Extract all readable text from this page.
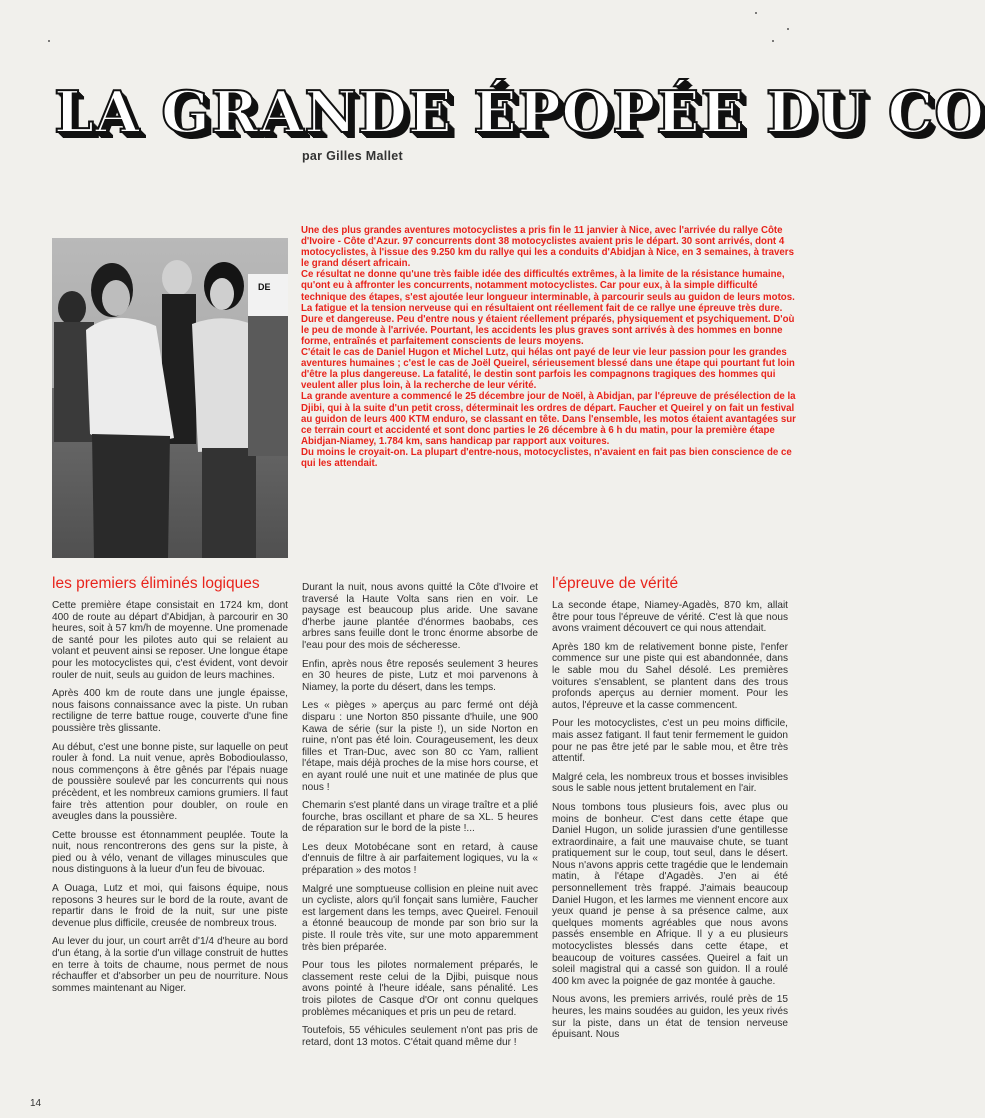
LA GRANDE ÉPOPÉE DU CO
par Gilles Mallet
DE

Une des plus grandes aventures motocyclistes a pris fin le 11 janvier à Nice, avec l'arrivée du rallye Côte d'Ivoire - Côte d'Azur. 97 concurrents dont 38 motocyclistes avaient pris le départ. 30 sont arrivés, dont 4 motocyclistes, à l'issue des 9.250 km du rallye qui les a conduits d'Abidjan à Nice, en 3 semaines, à travers le grand désert africain.

Ce résultat ne donne qu'une très faible idée des difficultés extrêmes, à la limite de la résistance humaine, qu'ont eu à affronter les concurrents, notamment motocyclistes. Car pour eux, à la simple difficulté technique des étapes, s'est ajoutée leur longueur interminable, à parcourir seuls au guidon de leurs motos.

La fatigue et la tension nerveuse qui en résultaient ont réellement fait de ce rallye une épreuve très dure. Dure et dangereuse. Peu d'entre nous y étaient réellement préparés, physiquement et psychiquement. D'où le peu de monde à l'arrivée. Pourtant, les accidents les plus graves sont arrivés à des hommes en bonne forme, entraînés et parfaitement conscients de leurs moyens.

C'était le cas de Daniel Hugon et Michel Lutz, qui hélas ont payé de leur vie leur passion pour les grandes aventures humaines ; c'est le cas de Joël Queirel, sérieusement blessé dans une étape qui pourtant fut loin d'être la plus dangereuse. La fatalité, le destin sont parfois les compagnons tragiques des hommes qui veulent aller plus loin, à la recherche de leur vérité.

La grande aventure a commencé le 25 décembre jour de Noël, à Abidjan, par l'épreuve de présélection de la Djibi, qui à la suite d'un petit cross, déterminait les ordres de départ. Faucher et Queirel y on fait un festival au guidon de leurs 400 KTM enduro, se classant en tête. Dans l'ensemble, les motos étaient avantagées sur ce terrain court et accidenté et sont donc parties le 26 décembre à 6 h du matin, pour la première étape Abidjan-Niamey, 1.784 km, sans handicap par rapport aux voitures.

Du moins le croyait-on. La plupart d'entre-nous, motocyclistes, n'avaient en fait pas bien conscience de ce qui les attendait.

les premiers éliminés logiques

Cette première étape consistait en 1724 km, dont 400 de route au départ d'Abidjan, à parcourir en 30 heures, soit à 57 km/h de moyenne. Une promenade de santé pour les pilotes auto qui se relaient au volant et peuvent ainsi se reposer. Une longue étape pour les motocyclistes qui, c'est évident, vont devoir rouler de nuit, seuls au guidon de leurs machines.

Après 400 km de route dans une jungle épaisse, nous faisons connaissance avec la piste. Un ruban rectiligne de terre battue rouge, couverte d'une fine poussière très glissante.

Au début, c'est une bonne piste, sur laquelle on peut rouler à fond. La nuit venue, après Bobodioulasso, nous commençons à être gênés par l'épais nuage de poussière soulevé par les concurrents qui nous précèdent, et les nombreux camions grumiers. Il faut faire très attention pour doubler, on roule en aveugles dans la poussière.

Cette brousse est étonnamment peuplée. Toute la nuit, nous rencontrerons des gens sur la piste, à pied ou à vélo, venant de villages minuscules que nous distinguons à la lueur d'un feu de bivouac.

A Ouaga, Lutz et moi, qui faisons équipe, nous reposons 3 heures sur le bord de la route, avant de repartir dans le froid de la nuit, sur une piste devenue plus difficile, creusée de nombreux trous.

Au lever du jour, un court arrêt d'1/4 d'heure au bord d'un étang, à la sortie d'un village construit de huttes en terre à toits de chaume, nous permet de nous réchauffer et d'absorber un peu de nourriture. Nous sommes maintenant au Niger.

Durant la nuit, nous avons quitté la Côte d'Ivoire et traversé la Haute Volta sans rien en voir. Le paysage est beaucoup plus aride. Une savane d'herbe jaune plantée d'énormes baobabs, ces arbres sans feuille dont le tronc énorme absorbe de l'eau pour des mois de sécheresse.

Enfin, après nous être reposés seulement 3 heures en 30 heures de piste, Lutz et moi parvenons à Niamey, la porte du désert, dans les temps.

Les « pièges » aperçus au parc fermé ont déjà disparu : une Norton 850 pissante d'huile, une 900 Kawa de série (sur la piste !), un side Norton en ruine, n'ont pas été loin. Courageusement, les deux filles et Tran-Duc, avec son 80 cc Yam, rallient l'étape, mais déjà proches de la mise hors course, et en ayant roulé une nuit et une matinée de plus que nous !

Chemarin s'est planté dans un virage traître et a plié fourche, bras oscillant et phare de sa XL. 5 heures de réparation sur le bord de la piste !...

Les deux Motobécane sont en retard, à cause d'ennuis de filtre à air parfaitement logiques, vu la « préparation » des motos !

Malgré une somptueuse collision en pleine nuit avec un cycliste, alors qu'il fonçait sans lumière, Faucher est largement dans les temps, avec Queirel. Fenouil a étonné beaucoup de monde par son brio sur la piste. Il roule très vite, sur une moto apparemment très bien préparée.

Pour tous les pilotes normalement préparés, le classement reste celui de la Djibi, puisque nous avons pointé à l'heure idéale, sans pénalité. Les trois pilotes de Casque d'Or ont connu quelques problèmes mécaniques et pris un peu de retard.

Toutefois, 55 véhicules seulement n'ont pas pris de retard, dont 13 motos. C'était quand même dur !

l'épreuve de vérité

La seconde étape, Niamey-Agadès, 870 km, allait être pour tous l'épreuve de vérité. C'est là que nous avons vraiment découvert ce qui nous attendait.

Après 180 km de relativement bonne piste, l'enfer commence sur une piste qui est abandonnée, dans le sable mou du Sahel désolé. Les premières voitures s'ensablent, se plantent dans des trous profonds aperçus au dernier moment. Pour les autos, l'épreuve et la casse commencent.

Pour les motocyclistes, c'est un peu moins difficile, mais assez fatigant. Il faut tenir fermement le guidon pour ne pas être jeté par le sable mou, et être très attentif.

Malgré cela, les nombreux trous et bosses invisibles sous le sable nous jettent brutalement en l'air.

Nous tombons tous plusieurs fois, avec plus ou moins de bonheur. C'est dans cette étape que Daniel Hugon, un solide jurassien d'une gentillesse extraordinaire, a fait une mauvaise chute, se tuant pratiquement sur le coup, tout seul, dans le désert. Nous n'avons appris cette tragédie que le lendemain matin, à l'étape d'Agadès. J'en ai été personnellement très frappé. J'aimais beaucoup Daniel Hugon, et les larmes me viennent encore aux yeux quand je pense à sa présence calme, aux quelques moments agréables que nous avons passés ensemble en Afrique. Il y a eu plusieurs motocyclistes blessés dans cette étape, et beaucoup de voitures cassées. Queirel a fait un soleil magistral qui a cassé son guidon. Il a roulé 400 km avec la poignée de gaz montée à gauche.

Nous avons, les premiers arrivés, roulé près de 15 heures, les mains soudées au guidon, les yeux rivés sur la piste, dans un état de tension nerveuse épuisant. Nous

14
